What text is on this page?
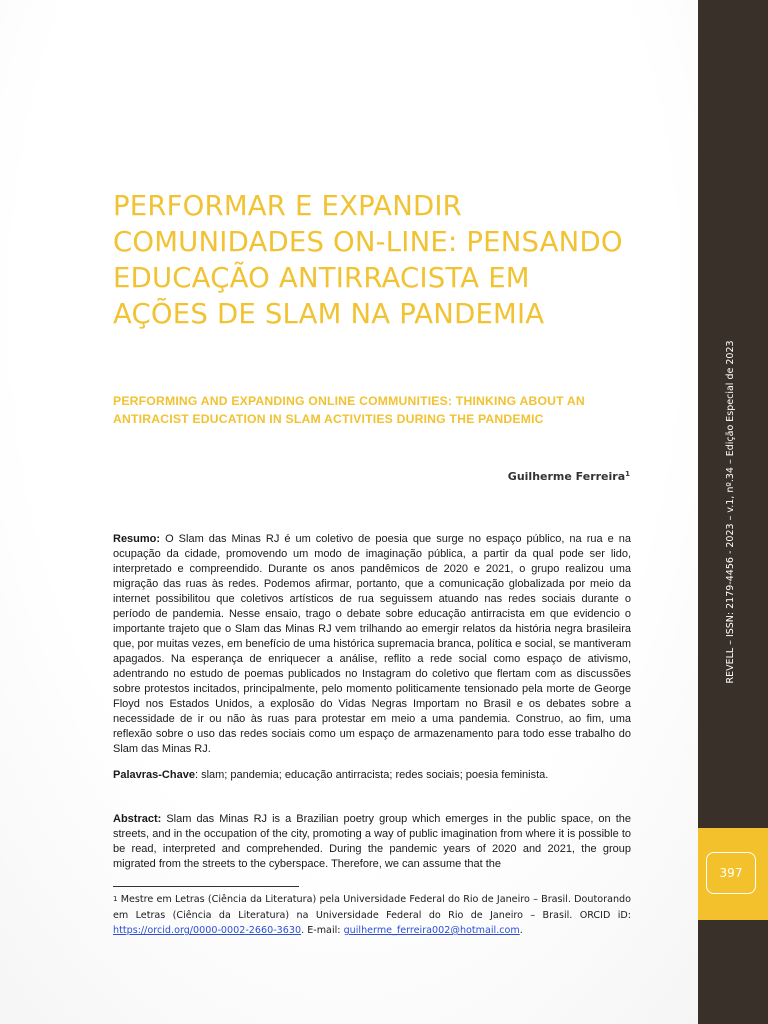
PERFORMAR E EXPANDIR COMUNIDADES ON-LINE: PENSANDO EDUCAÇÃO ANTIRRACISTA EM AÇÕES DE SLAM NA PANDEMIA
PERFORMING AND EXPANDING ONLINE COMMUNITIES: THINKING ABOUT AN ANTIRACIST EDUCATION IN SLAM ACTIVITIES DURING THE PANDEMIC
Guilherme Ferreira$^1$

Resumo: O Slam das Minas RJ é um coletivo de poesia que surge no espaço público, na rua e na ocupação da cidade, promovendo um modo de imaginação pública, a partir da qual pode ser lido, interpretado e compreendido. Durante os anos pandêmicos de 2020 e 2021, o grupo realizou uma migração das ruas às redes. Podemos afirmar, portanto, que a comunicação globalizada por meio da internet possibilitou que coletivos artísticos de rua seguissem atuando nas redes sociais durante o período de pandemia. Nesse ensaio, trago o debate sobre educação antirracista em que evidencio o importante trajeto que o Slam das Minas RJ vem trilhando ao emergir relatos da história negra brasileira que, por muitas vezes, em benefício de uma histórica supremacia branca, política e social, se mantiveram apagados. Na esperança de enriquecer a análise, reflito a rede social como espaço de ativismo, adentrando no estudo de poemas publicados no Instagram do coletivo que flertam com as discussões sobre protestos incitados, principalmente, pelo momento politicamente tensionado pela morte de George Floyd nos Estados Unidos, a explosão do Vidas Negras Importam no Brasil e os debates sobre a necessidade de ir ou não às ruas para protestar em meio a uma pandemia. Construo, ao fim, uma reflexão sobre o uso das redes sociais como um espaço de armazenamento para todo esse trabalho do Slam das Minas RJ.

Palavras-Chave: slam; pandemia; educação antirracista; redes sociais; poesia feminista.

Abstract: Slam das Minas RJ is a Brazilian poetry group which emerges in the public space, on the streets, and in the occupation of the city, promoting a way of public imagination from where it is possible to be read, interpreted and comprehended. During the pandemic years of 2020 and 2021, the group migrated from the streets to the cyberspace. Therefore, we can assume that the

$^1$ Mestre em Letras (Ciência da Literatura) pela Universidade Federal do Rio de Janeiro – Brasil. Doutorando em Letras (Ciência da Literatura) na Universidade Federal do Rio de Janeiro – Brasil. ORCID iD: https://orcid.org/0000-0002-2660-3630. E-mail: guilherme_ferreira002@hotmail.com.

REVELL – ISSN: 2179-4456 - 2023 – v.1, nº.34 – Edição Especial de 2023
397
